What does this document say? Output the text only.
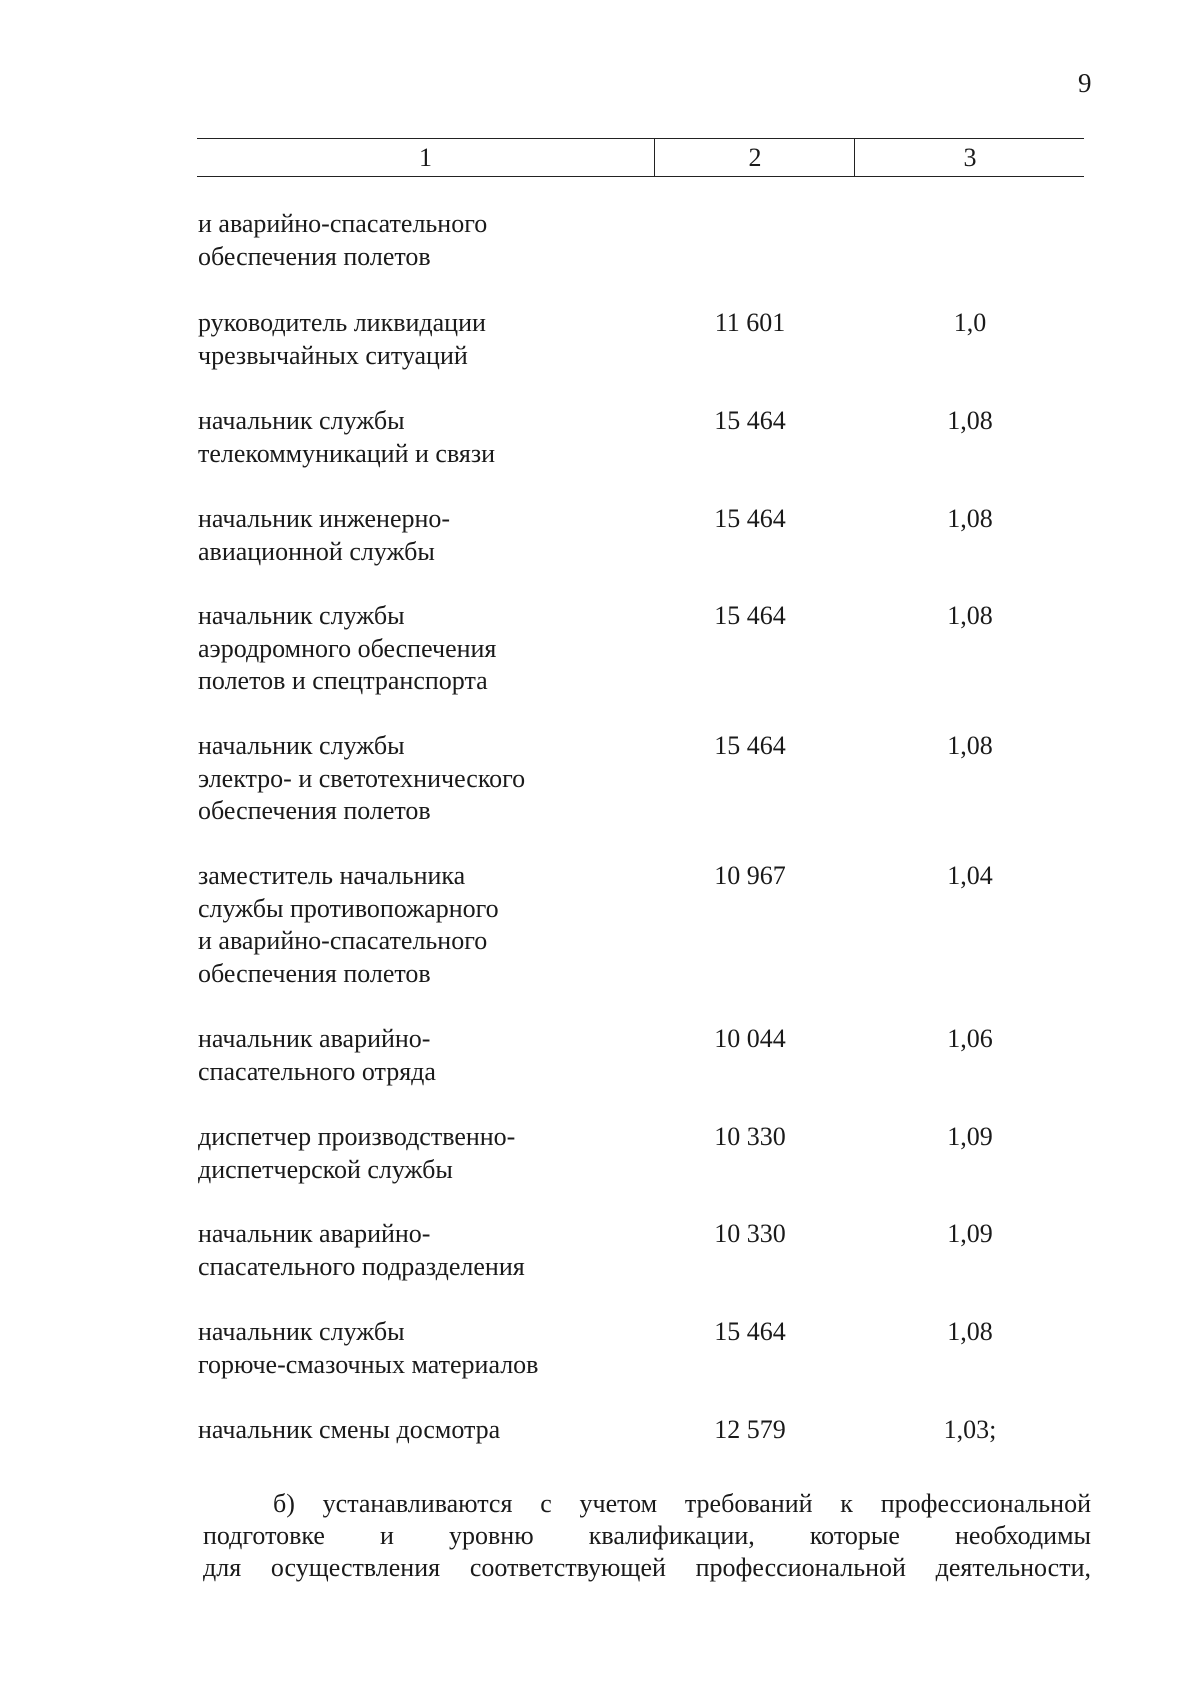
9
1	2	3
и аварийно-спасательного
обеспечения полетов
руководитель ликвидации
чрезвычайных ситуаций
11 601	1,0
начальник службы
телекоммуникаций и связи
15 464	1,08
начальник инженерно-
авиационной службы
15 464	1,08
начальник службы
аэродромного обеспечения
полетов и спецтранспорта
15 464	1,08
начальник службы
электро- и светотехнического
обеспечения полетов
15 464	1,08
заместитель начальника
службы противопожарного
и аварийно-спасательного
обеспечения полетов
10 967	1,04
начальник аварийно-
спасательного отряда
10 044	1,06
диспетчер производственно-
диспетчерской службы
10 330	1,09
начальник аварийно-
спасательного подразделения
10 330	1,09
начальник службы
горюче-смазочных материалов
15 464	1,08
начальник смены досмотра	12 579	1,03;
б) устанавливаются с учетом требований к профессиональной
подготовке и уровню квалификации, которые необходимы
для осуществления соответствующей профессиональной деятельности,
